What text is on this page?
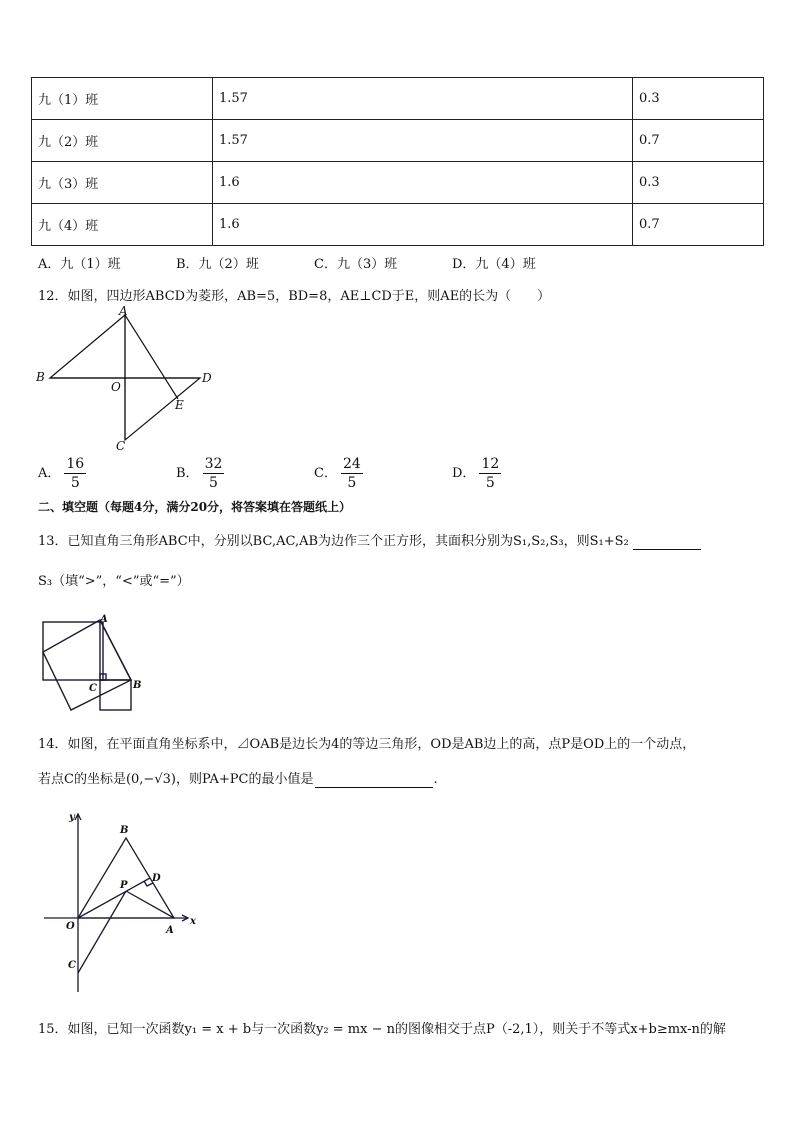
九（1）班	1.57	0.3
九（2）班	1.57	0.7
九（3）班	1.6	0.3
九（4）班	1.6	0.7
A．九（1）班	B．九（2）班	C．九（3）班	D．九（4）班
12．如图，四边形ABCD为菱形，AB=5，BD=8，AE⊥CD于E，则AE的长为（　　）
A
B
C
D
E
O
A． $\frac{16}{5}$	B． $\frac{32}{5}$	C． $\frac{24}{5}$	D． $\frac{12}{5}$
二、填空题（每题4分，满分20分，将答案填在答题纸上）
13．已知直角三角形ABC中，分别以BC,AC,AB为边作三个正方形，其面积分别为S₁,S₂,S₃，则S₁+S₂
S₃（填“>”，“<”或“=”）
A
C	B
14．如图，在平面直角坐标系中，⊿OAB是边长为4的等边三角形，OD是AB边上的高，点P是OD上的一个动点，
若点C的坐标是(0,−√3)，则PA+PC的最小值是	.
y
B
D
P
O	A
x
C
15．如图，已知一次函数y₁ = x + b与一次函数y₂ = mx − n的图像相交于点P（-2,1），则关于不等式x+b≥mx-n的解
